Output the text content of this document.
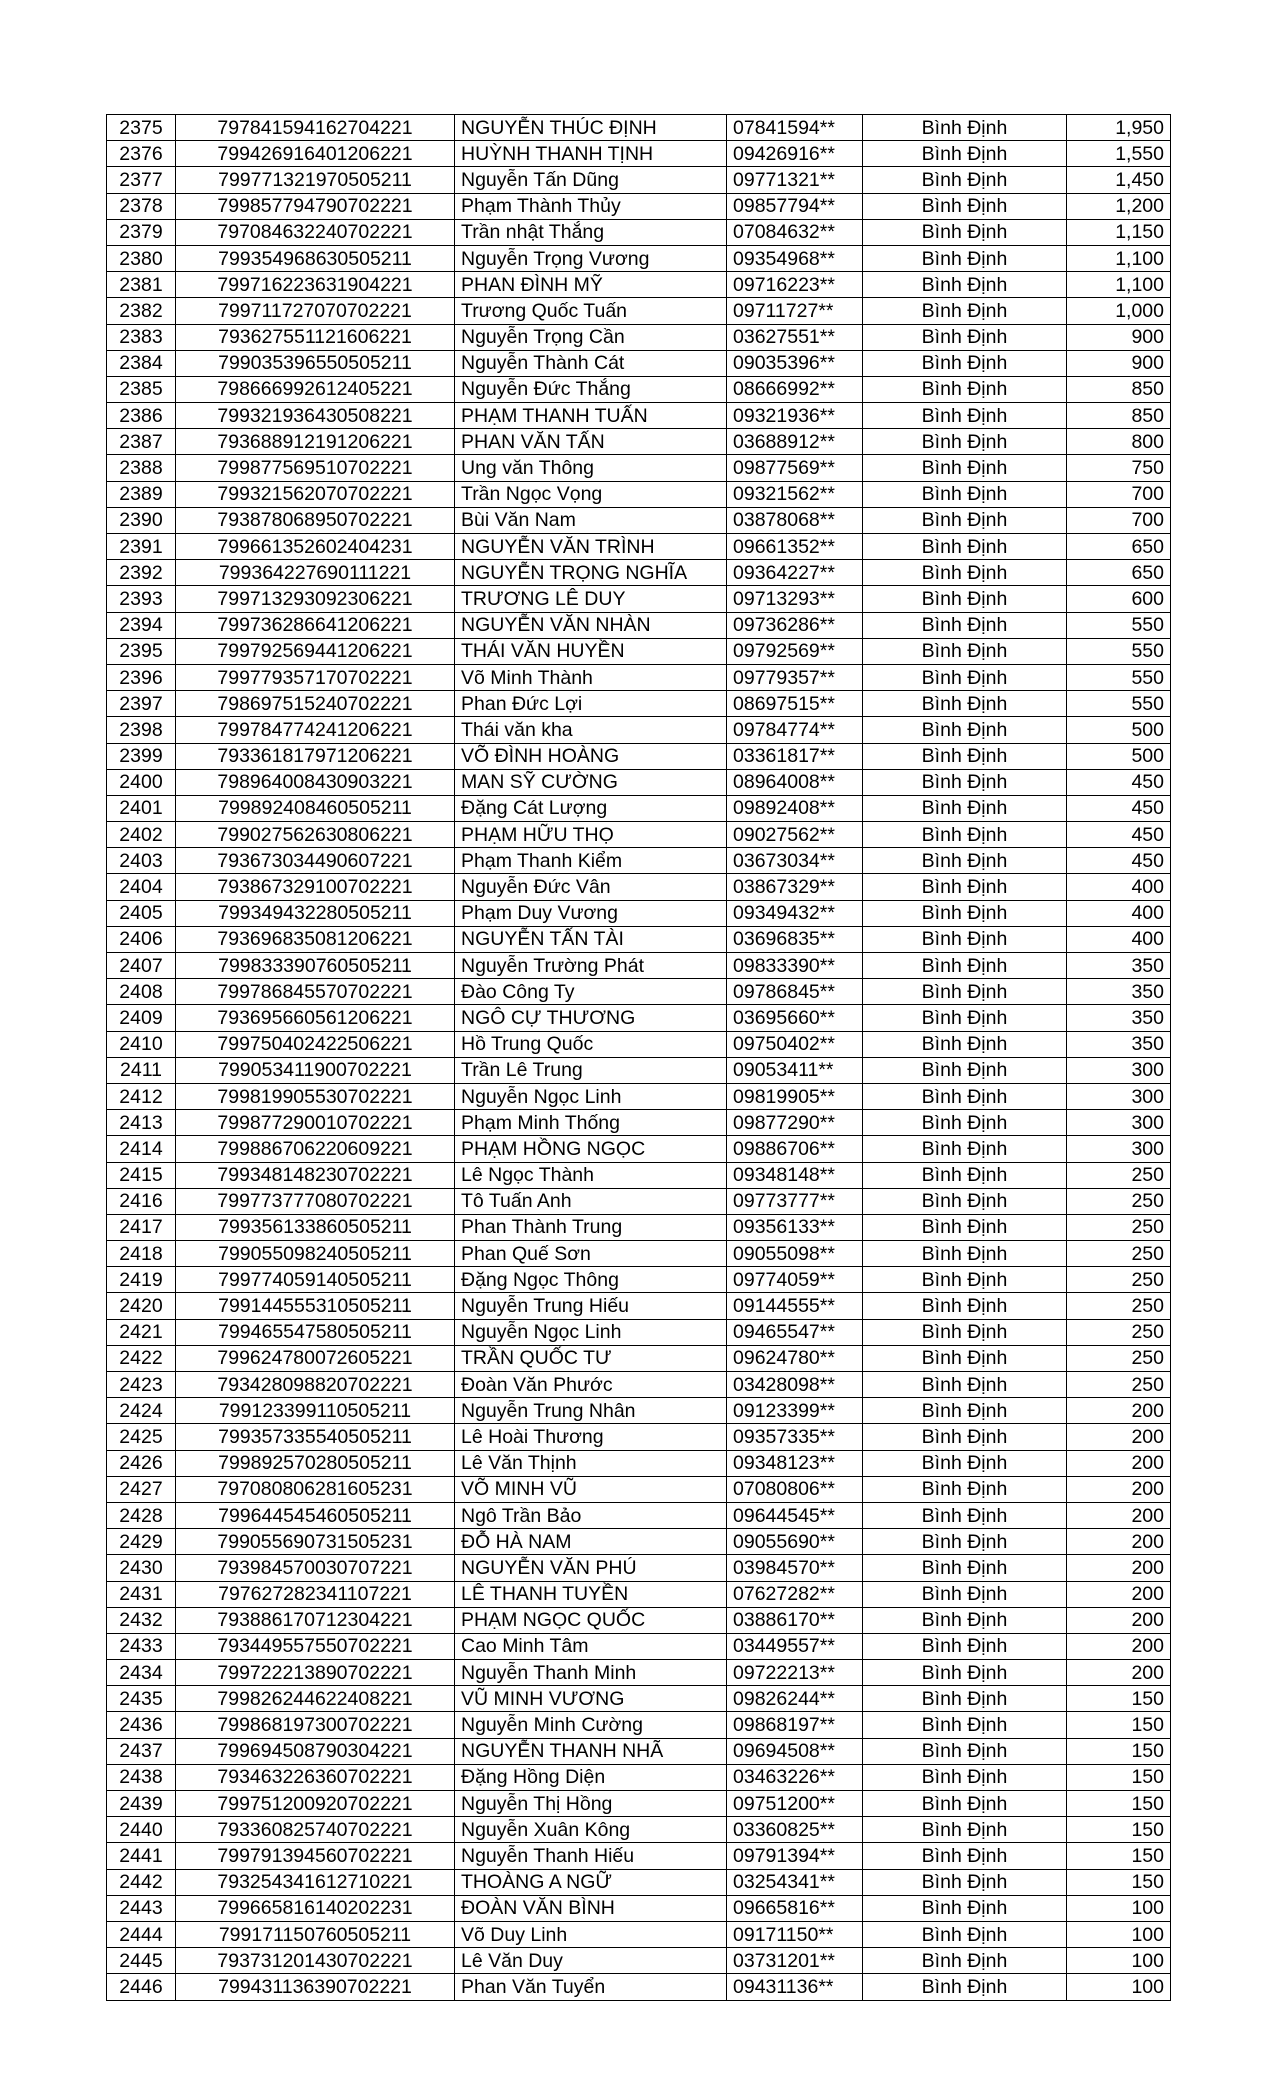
2375	797841594162704221	NGUYỄN THÚC ĐỊNH	07841594**	Bình Định	1,950
2376	799426916401206221	HUỲNH THANH TỊNH	09426916**	Bình Định	1,550
2377	799771321970505211	Nguyễn Tấn Dũng	09771321**	Bình Định	1,450
2378	799857794790702221	Phạm Thành Thủy	09857794**	Bình Định	1,200
2379	797084632240702221	Trần nhật Thắng	07084632**	Bình Định	1,150
2380	799354968630505211	Nguyễn Trọng Vương	09354968**	Bình Định	1,100
2381	799716223631904221	PHAN ĐÌNH MỸ	09716223**	Bình Định	1,100
2382	799711727070702221	Trương Quốc Tuấn	09711727**	Bình Định	1,000
2383	793627551121606221	Nguyễn Trọng Cần	03627551**	Bình Định	900
2384	799035396550505211	Nguyễn Thành Cát	09035396**	Bình Định	900
2385	798666992612405221	Nguyễn Đức Thắng	08666992**	Bình Định	850
2386	799321936430508221	PHẠM THANH TUẤN	09321936**	Bình Định	850
2387	793688912191206221	PHAN VĂN TẤN	03688912**	Bình Định	800
2388	799877569510702221	Ung văn Thông	09877569**	Bình Định	750
2389	799321562070702221	Trần Ngọc Vọng	09321562**	Bình Định	700
2390	793878068950702221	Bùi Văn Nam	03878068**	Bình Định	700
2391	799661352602404231	NGUYỄN VĂN TRÌNH	09661352**	Bình Định	650
2392	799364227690111221	NGUYỄN TRỌNG NGHĨA	09364227**	Bình Định	650
2393	799713293092306221	TRƯƠNG LÊ DUY	09713293**	Bình Định	600
2394	799736286641206221	NGUYỄN VĂN NHÀN	09736286**	Bình Định	550
2395	799792569441206221	THÁI VĂN HUYỀN	09792569**	Bình Định	550
2396	799779357170702221	Võ Minh Thành	09779357**	Bình Định	550
2397	798697515240702221	Phan Đức Lợi	08697515**	Bình Định	550
2398	799784774241206221	Thái văn kha	09784774**	Bình Định	500
2399	793361817971206221	VÕ ĐÌNH HOÀNG	03361817**	Bình Định	500
2400	798964008430903221	MAN SỸ CƯỜNG	08964008**	Bình Định	450
2401	799892408460505211	Đặng Cát Lượng	09892408**	Bình Định	450
2402	799027562630806221	PHẠM HỮU THỌ	09027562**	Bình Định	450
2403	793673034490607221	Phạm Thanh Kiểm	03673034**	Bình Định	450
2404	793867329100702221	Nguyễn Đức Vân	03867329**	Bình Định	400
2405	799349432280505211	Phạm Duy Vương	09349432**	Bình Định	400
2406	793696835081206221	NGUYỄN TẤN TÀI	03696835**	Bình Định	400
2407	799833390760505211	Nguyễn Trường Phát	09833390**	Bình Định	350
2408	799786845570702221	Đào Công Ty	09786845**	Bình Định	350
2409	793695660561206221	NGÔ CỰ THƯƠNG	03695660**	Bình Định	350
2410	799750402422506221	Hồ Trung Quốc	09750402**	Bình Định	350
2411	799053411900702221	Trần Lê Trung	09053411**	Bình Định	300
2412	799819905530702221	Nguyễn Ngọc Linh	09819905**	Bình Định	300
2413	799877290010702221	Phạm Minh Thống	09877290**	Bình Định	300
2414	799886706220609221	PHẠM HỒNG NGỌC	09886706**	Bình Định	300
2415	799348148230702221	Lê Ngọc Thành	09348148**	Bình Định	250
2416	799773777080702221	Tô Tuấn Anh	09773777**	Bình Định	250
2417	799356133860505211	Phan Thành Trung	09356133**	Bình Định	250
2418	799055098240505211	Phan Quế Sơn	09055098**	Bình Định	250
2419	799774059140505211	Đặng Ngọc Thông	09774059**	Bình Định	250
2420	799144555310505211	Nguyễn Trung Hiếu	09144555**	Bình Định	250
2421	799465547580505211	Nguyễn Ngọc Linh	09465547**	Bình Định	250
2422	799624780072605221	TRẦN QUỐC TƯ	09624780**	Bình Định	250
2423	793428098820702221	Đoàn Văn Phước	03428098**	Bình Định	250
2424	799123399110505211	Nguyễn Trung Nhân	09123399**	Bình Định	200
2425	799357335540505211	Lê Hoài Thương	09357335**	Bình Định	200
2426	799892570280505211	Lê Văn Thịnh	09348123**	Bình Định	200
2427	797080806281605231	VÕ MINH VŨ	07080806**	Bình Định	200
2428	799644545460505211	Ngô Trần Bảo	09644545**	Bình Định	200
2429	799055690731505231	ĐỖ HÀ NAM	09055690**	Bình Định	200
2430	793984570030707221	NGUYỄN VĂN PHÚ	03984570**	Bình Định	200
2431	797627282341107221	LÊ THANH TUYỀN	07627282**	Bình Định	200
2432	793886170712304221	PHẠM NGỌC QUỐC	03886170**	Bình Định	200
2433	793449557550702221	Cao Minh Tâm	03449557**	Bình Định	200
2434	799722213890702221	Nguyễn Thanh Minh	09722213**	Bình Định	200
2435	799826244622408221	VŨ MINH VƯƠNG	09826244**	Bình Định	150
2436	799868197300702221	Nguyễn Minh Cường	09868197**	Bình Định	150
2437	799694508790304221	NGUYỄN THANH NHÃ	09694508**	Bình Định	150
2438	793463226360702221	Đặng Hồng Diện	03463226**	Bình Định	150
2439	799751200920702221	Nguyễn Thị Hồng	09751200**	Bình Định	150
2440	793360825740702221	Nguyễn Xuân Kông	03360825**	Bình Định	150
2441	799791394560702221	Nguyễn Thanh Hiếu	09791394**	Bình Định	150
2442	793254341612710221	THOÀNG A NGỮ	03254341**	Bình Định	150
2443	799665816140202231	ĐOÀN VĂN BÌNH	09665816**	Bình Định	100
2444	799171150760505211	Võ Duy Linh	09171150**	Bình Định	100
2445	793731201430702221	Lê Văn Duy	03731201**	Bình Định	100
2446	799431136390702221	Phan Văn Tuyển	09431136**	Bình Định	100
